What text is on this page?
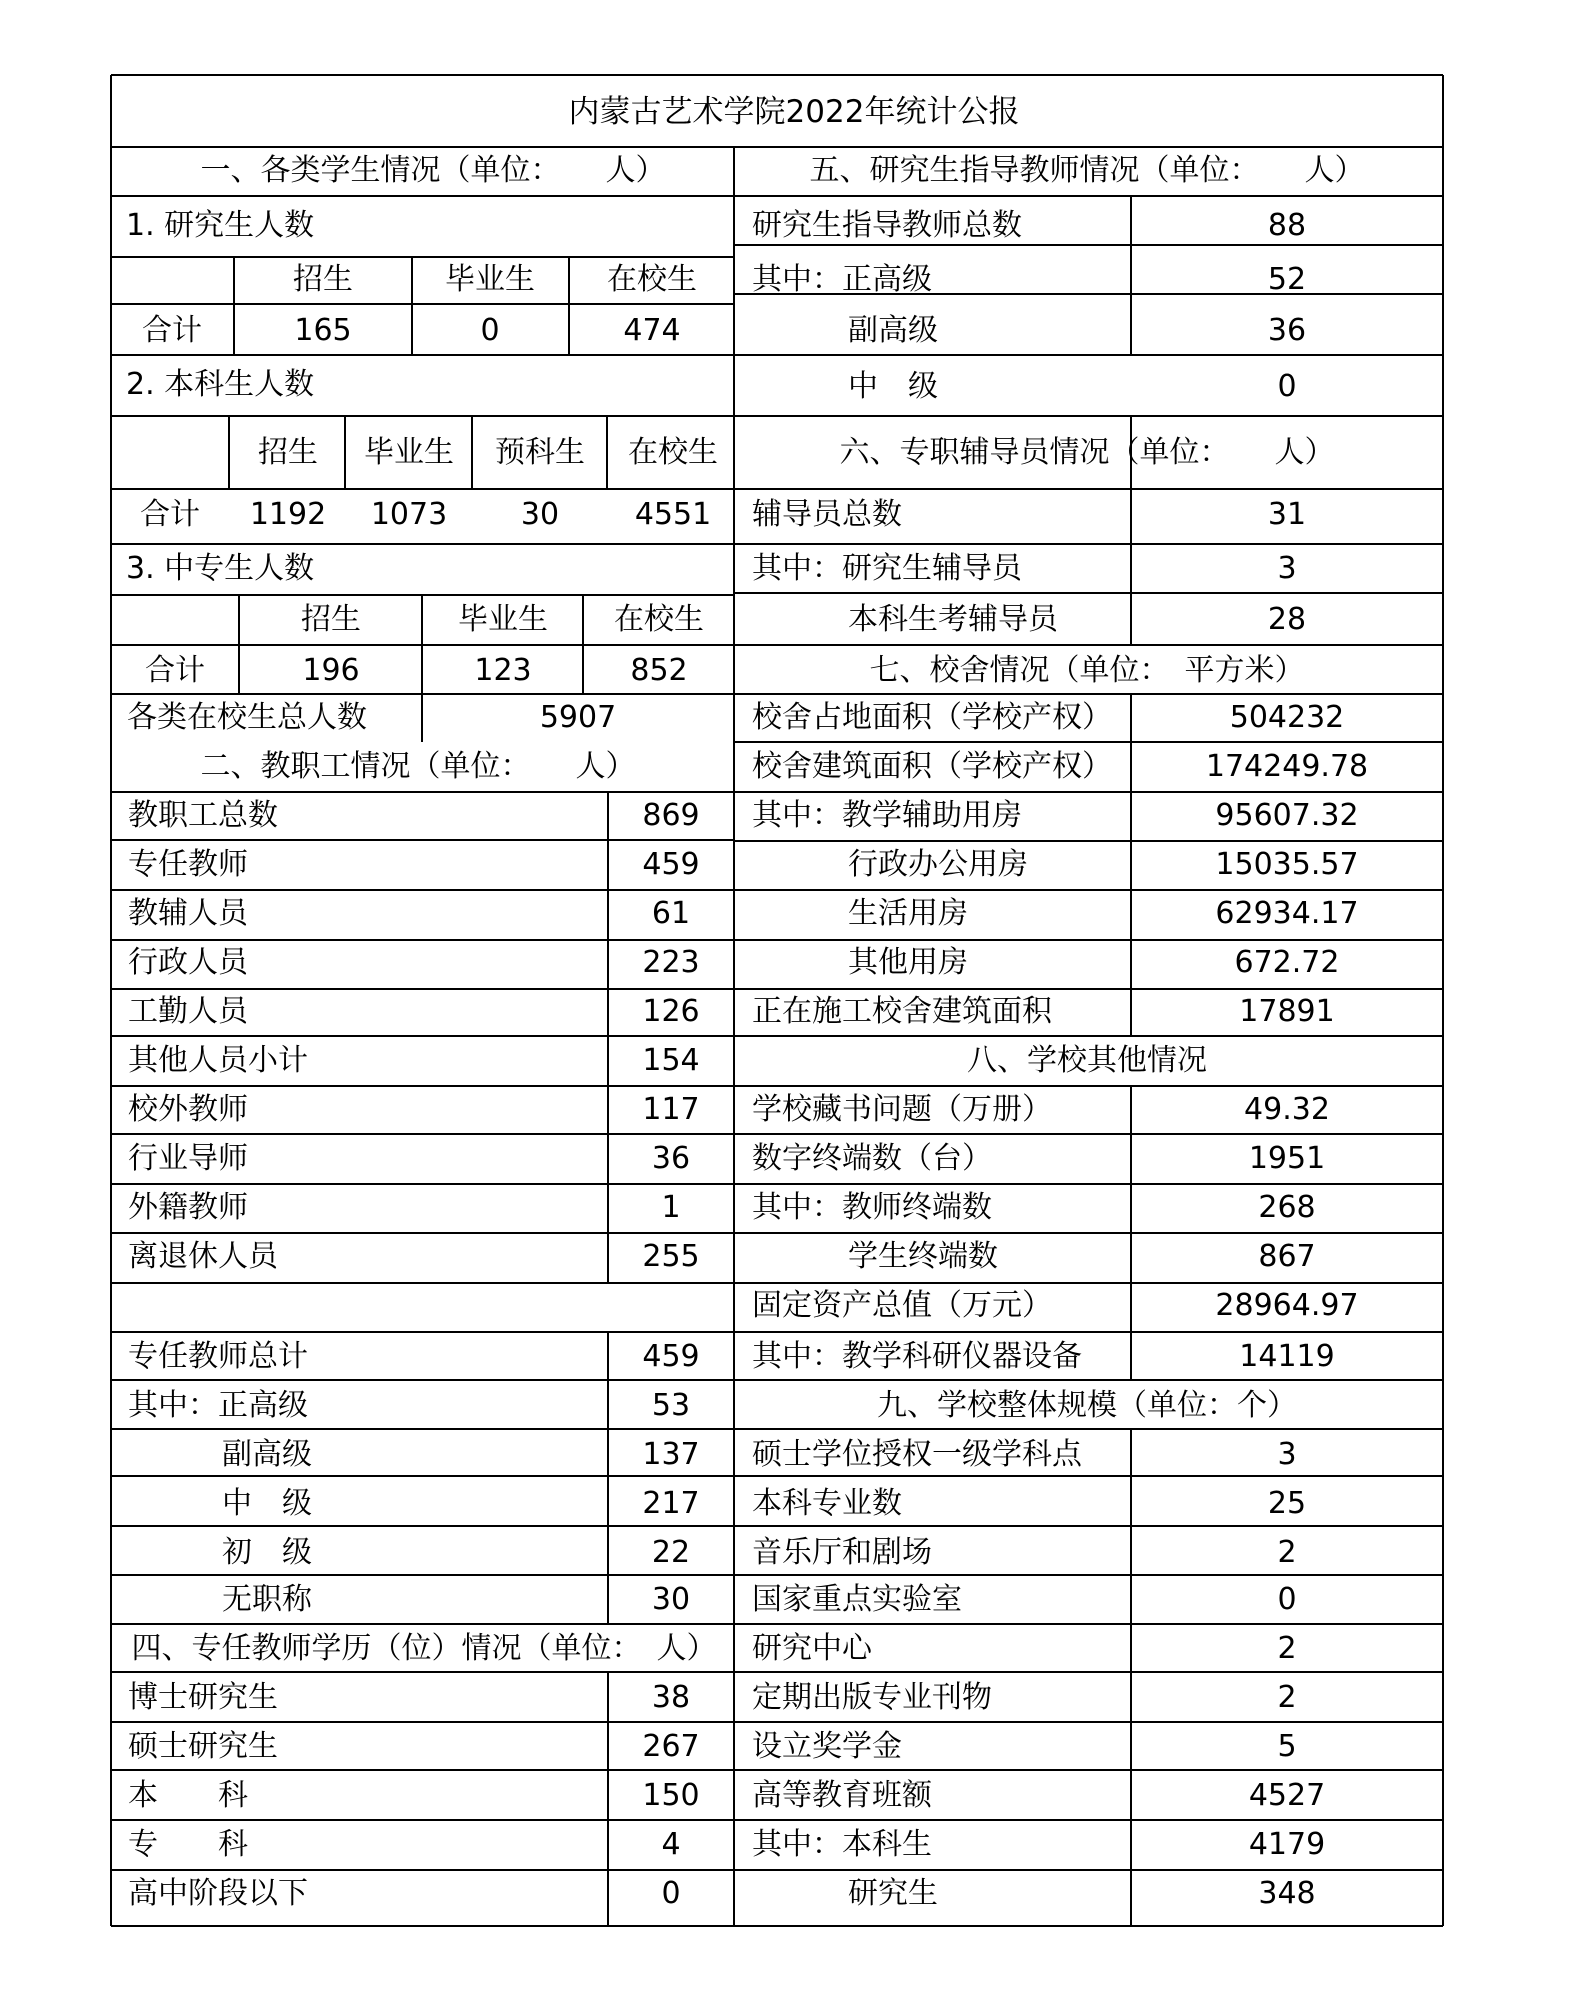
内蒙古艺术学院2022年统计公报
一、各类学生情况（单位：　　人）
1. 研究生人数
招生	毕业生 在校生
合计	165	0	474
2. 本科生人数
招生 毕业生 预科生 在校生
合计 1192 1073 30	4551
3. 中专生人数
招生	毕业生 在校生
合计	196	123	852
各类在校生总人数	5907
二、教职工情况（单位：　　人）
教职工总数	869
专任教师	459
教辅人员	61
行政人员	223
工勤人员	126
其他人员小计	154
校外教师	117
行业导师	36
外籍教师	1
离退休人员	255
专任教师总计	459
其中：正高级	53
副高级	137
中　级	217
初　级	22
无职称	30
四、专任教师学历（位）情况（单位：　人）
博士研究生	38
硕士研究生	267
本　　科	150
专　　科	4
高中阶段以下	0
五、研究生指导教师情况（单位：　　人）
研究生指导教师总数	88
其中：正高级	52
副高级	36
中　级	0
六、专职辅导员情况（单位：　　人）
辅导员总数	31
其中：研究生辅导员	3
本科生考辅导员	28
七、校舍情况（单位：　平方米）
校舍占地面积（学校产权）	504232
校舍建筑面积（学校产权）	174249.78
其中：教学辅助用房	95607.32
行政办公用房	15035.57
生活用房	62934.17
其他用房	672.72
正在施工校舍建筑面积	17891
八、学校其他情况
学校藏书问题（万册）	49.32
数字终端数（台）	1951
其中：教师终端数	268
学生终端数	867
固定资产总值（万元）	28964.97
其中：教学科研仪器设备	14119
九、学校整体规模（单位：个）
硕士学位授权一级学科点	3
本科专业数	25
音乐厅和剧场	2
国家重点实验室	0
研究中心	2
定期出版专业刊物	2
设立奖学金	5
高等教育班额	4527
其中：本科生	4179
研究生	348
